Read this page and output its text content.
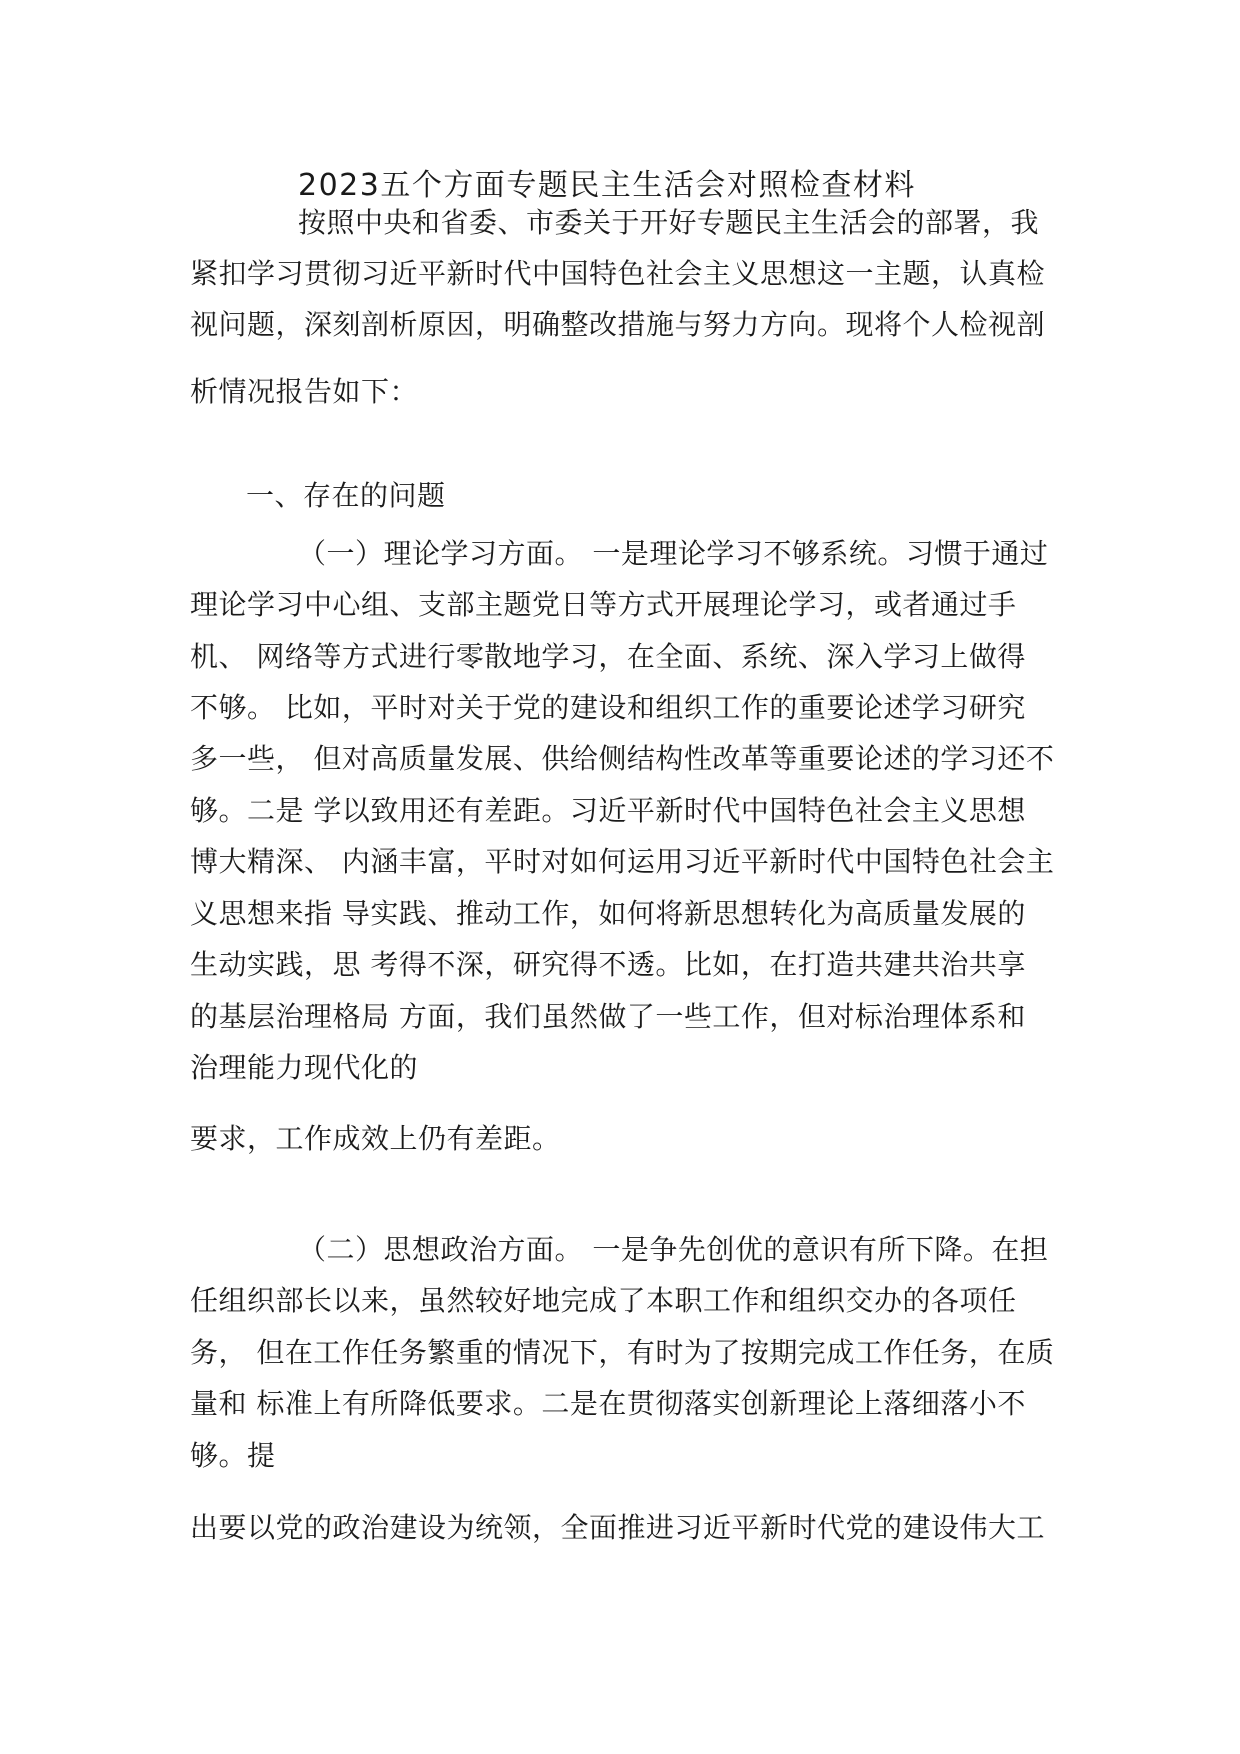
2023五个方面专题民主生活会对照检查材料
按照中央和省委、市委关于开好专题民主生活会的部署，我
紧扣学习贯彻习近平新时代中国特色社会主义思想这一主题，认真检
视问题，深刻剖析原因，明确整改措施与努力方向。现将个人检视剖
析情况报告如下：
一、存在的问题
（一）理论学习方面。 一是理论学习不够系统。习惯于通过
理论学习中心组、支部主题党日等方式开展理论学习，或者通过手
机、 网络等方式进行零散地学习，在全面、系统、深入学习上做得
不够。 比如，平时对关于党的建设和组织工作的重要论述学习研究
多一些， 但对高质量发展、供给侧结构性改革等重要论述的学习还不
够。二是 学以致用还有差距。习近平新时代中国特色社会主义思想
博大精深、 内涵丰富，平时对如何运用习近平新时代中国特色社会主
义思想来指 导实践、推动工作，如何将新思想转化为高质量发展的
生动实践，思 考得不深，研究得不透。比如，在打造共建共治共享
的基层治理格局 方面，我们虽然做了一些工作，但对标治理体系和
治理能力现代化的
要求，工作成效上仍有差距。
（二）思想政治方面。 一是争先创优的意识有所下降。在担
任组织部长以来，虽然较好地完成了本职工作和组织交办的各项任
务， 但在工作任务繁重的情况下，有时为了按期完成工作任务，在质
量和 标准上有所降低要求。二是在贯彻落实创新理论上落细落小不
够。提
出要以党的政治建设为统领，全面推进习近平新时代党的建设伟大工
